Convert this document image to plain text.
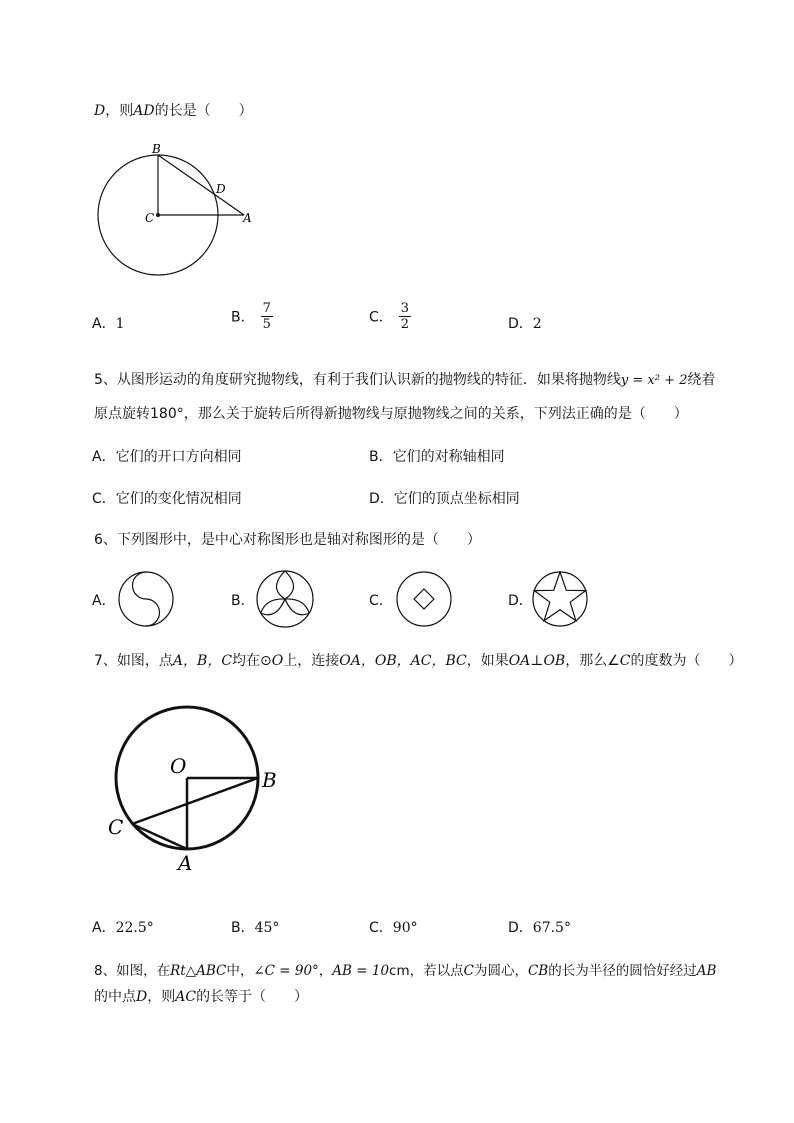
D，则AD的长是（　　）
B
C
D
A
A．1	B． $\frac{7}{5}$	C． $\frac{3}{2}$	D．2
5、从图形运动的角度研究抛物线，有利于我们认识新的抛物线的特征．如果将抛物线y = x² + 2绕着
原点旋转180°，那么关于旋转后所得新抛物线与原抛物线之间的关系，下列法正确的是（　　）
A．它们的开口方向相同	B．它们的对称轴相同
C．它们的变化情况相同	D．它们的顶点坐标相同
6、下列图形中，是中心对称图形也是轴对称图形的是（　　）
A．	B．	C．	D．
7、如图，点A，B，C均在⊙O上，连接OA，OB，AC，BC，如果OA⊥OB，那么∠C的度数为（　　）
O
B
C
A
A．22.5°	B．45°	C．90°	D．67.5°
8、如图，在Rt△ABC中，∠C = 90°，AB = 10cm，若以点C为圆心，CB的长为半径的圆恰好经过AB
的中点D，则AC的长等于（　　）
